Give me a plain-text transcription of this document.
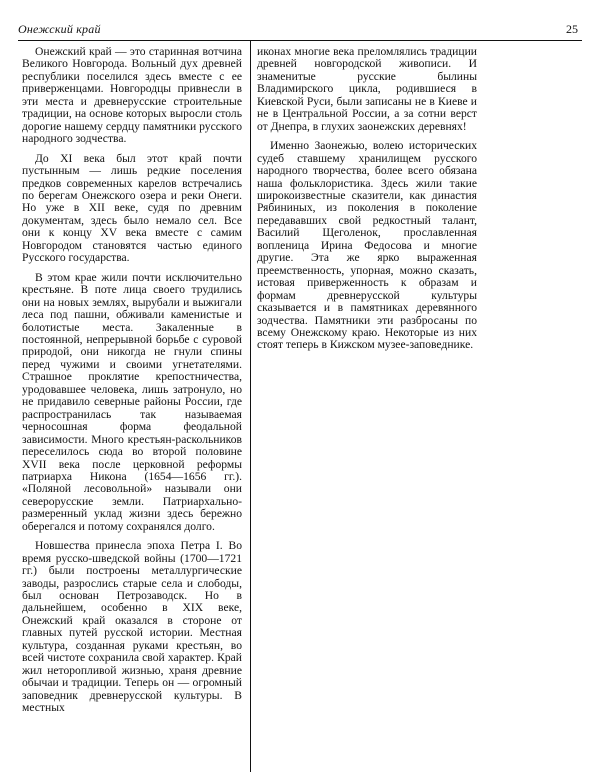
Онежский край	25

Онежский край — это старинная вотчина Великого Новгорода. Вольный дух древней республики поселился здесь вместе с ее приверженцами. Новгородцы привнесли в эти места и древнерусские строительные традиции, на основе которых выросли столь дорогие нашему сердцу памятники русского народного зодчества.

До XI века был этот край почти пустынным — лишь редкие поселения предков современных карелов встречались по берегам Онежского озера и реки Онеги. Но уже в XII веке, судя по древним документам, здесь было немало сел. Все они к концу XV века вместе с самим Новгородом становятся частью единого Русского государства.

В этом крае жили почти исключительно крестьяне. В поте лица своего трудились они на новых землях, вырубали и выжигали леса под пашни, обживали каменистые и болотистые места. Закаленные в постоянной, непрерывной борьбе с суровой природой, они никогда не гнули спины перед чужими и своими угнетателями. Страшное проклятие крепостничества, уродовавшее человека, лишь затронуло, но не придавило северные районы России, где распространилась так называемая черносошная форма феодальной зависимости. Много крестьян-раскольников переселилось сюда во второй половине XVII века после церковной реформы патриарха Никона (1654—1656 гг.). «Поляной лесовольной» называли они северорусские земли. Патриархально-размеренный уклад жизни здесь бережно оберегался и потому сохранялся долго.

Новшества принесла эпоха Петра I. Во время русско-шведской войны (1700—1721 гг.) были построены металлургические заводы, разрослись старые села и слободы, был основан Петрозаводск. Но в дальнейшем, особенно в XIX веке, Онежский край оказался в стороне от главных путей русской истории. Местная культура, созданная руками крестьян, во всей чистоте сохранила свой характер. Край жил неторопливой жизнью, храня древние обычаи и традиции. Теперь он — огромный заповедник древнерусской культуры. В местных

иконах многие века преломлялись традиции древней новгородской живописи. И знаменитые русские былины Владимирского цикла, родившиеся в Киевской Руси, были записаны не в Киеве и не в Центральной России, а за сотни верст от Днепра, в глухих заонежских деревнях!

Именно Заонежью, волею исторических судеб ставшему хранилищем русского народного творчества, более всего обязана наша фольклористика. Здесь жили такие широкоизвестные сказители, как династия Рябининых, из поколения в поколение передававших свой редкостный талант, Василий Щеголенок, прославленная вопленица Ирина Федосова и многие другие. Эта же ярко выраженная преемственность, упорная, можно сказать, истовая приверженность к образам и формам древнерусской культуры сказывается и в памятниках деревянного зодчества. Памятники эти разбросаны по всему Онежскому краю. Некоторые из них стоят теперь в Кижском музее-заповеднике.
